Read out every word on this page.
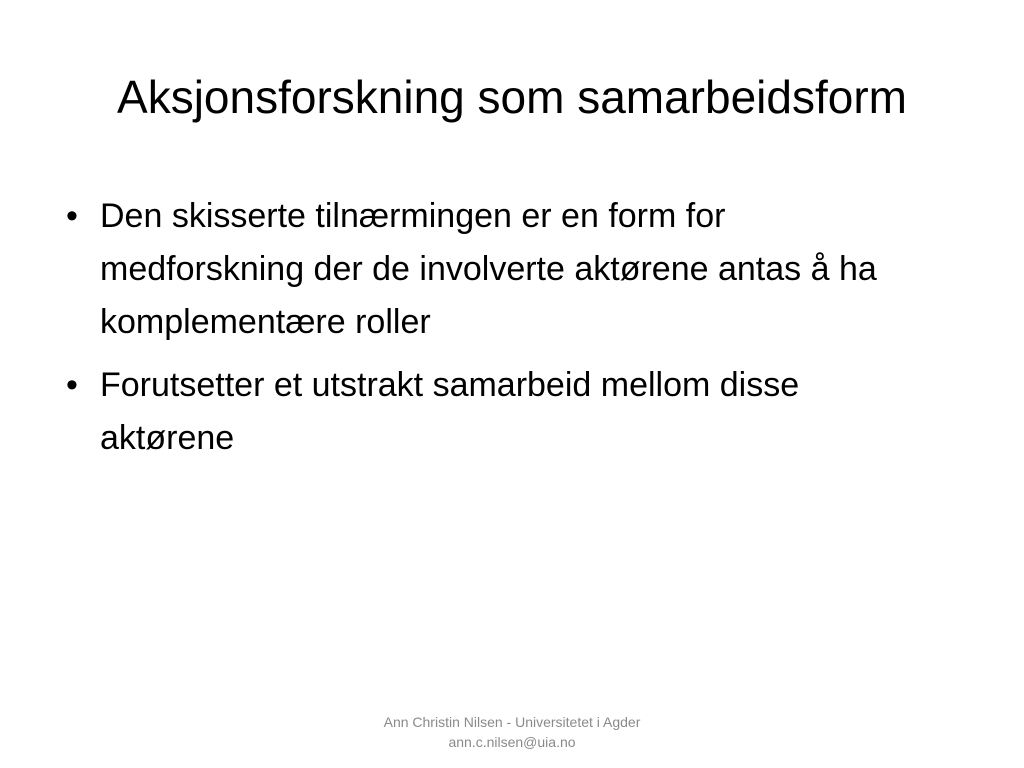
Aksjonsforskning som samarbeidsform
• Den skisserte tilnærmingen er en form for medforskning der de involverte aktørene antas å ha komplementære roller
• Forutsetter et utstrakt samarbeid mellom disse aktørene
Ann Christin Nilsen - Universitetet i Agder
ann.c.nilsen@uia.no
